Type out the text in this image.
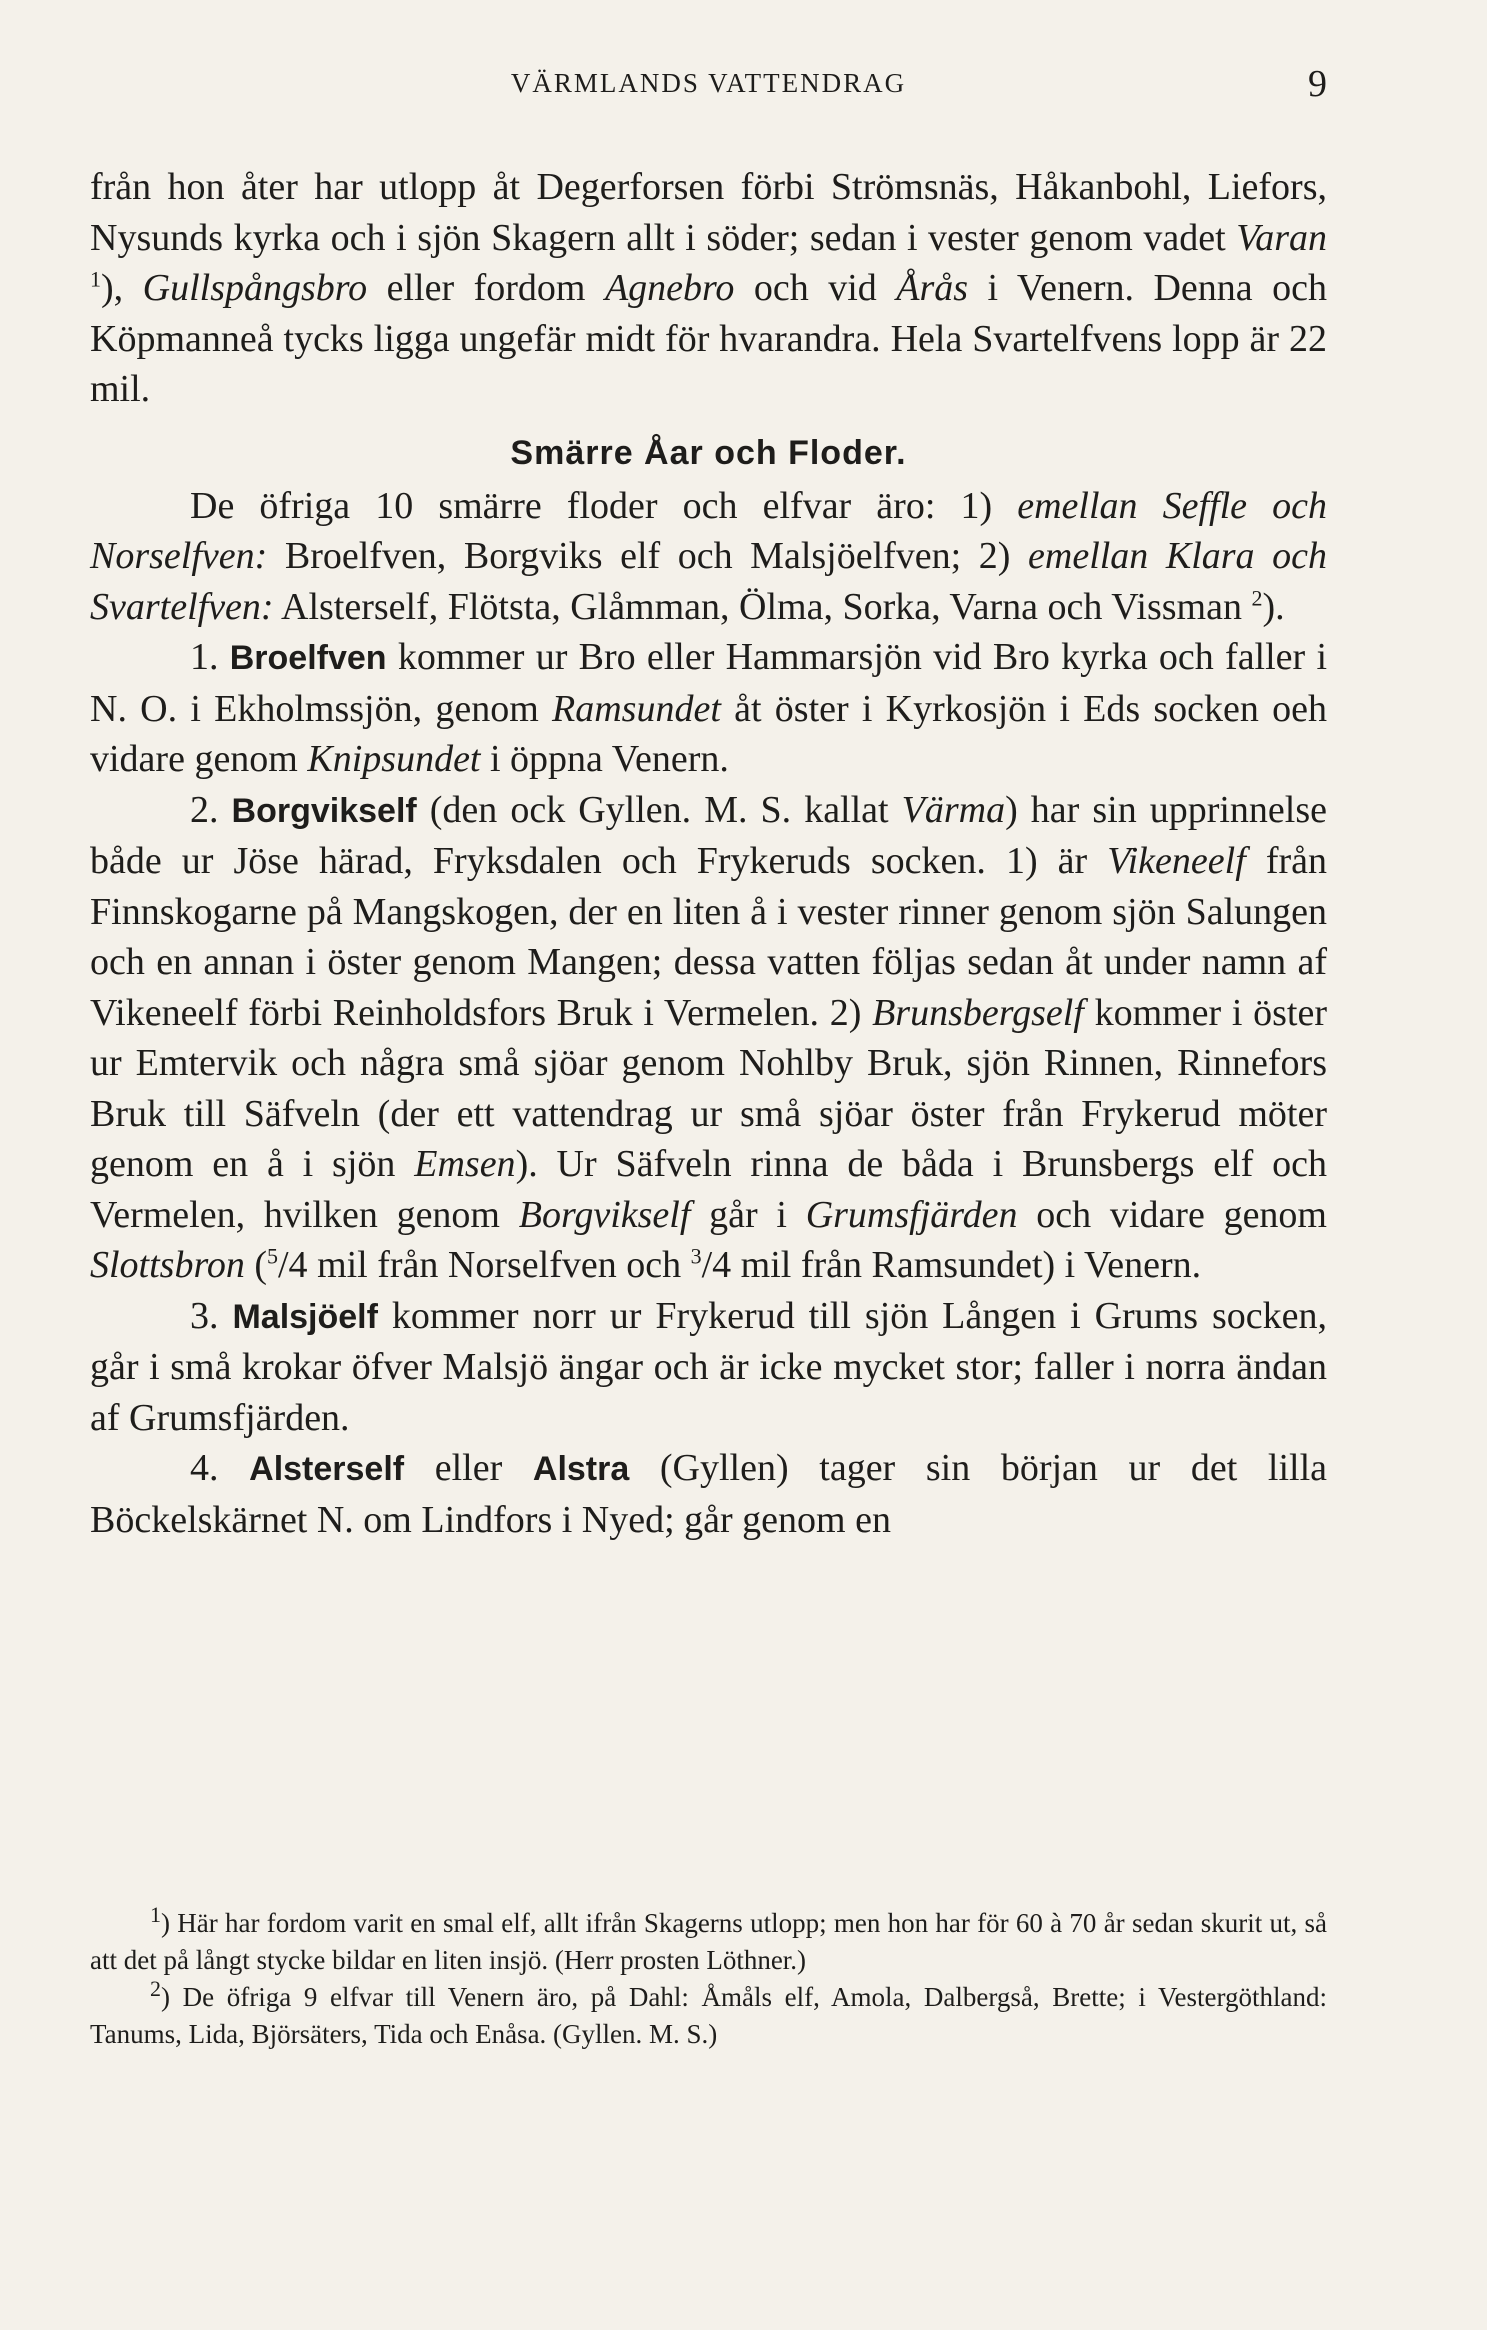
VÄRMLANDS VATTENDRAG	9

från hon åter har utlopp åt Degerforsen förbi Strömsnäs, Håkanbohl, Liefors, Nysunds kyrka och i sjön Skagern allt i söder; sedan i vester genom vadet Varan $^1$), Gullspångsbro eller fordom Agnebro och vid Årås i Venern. Denna och Köpmanneå tycks ligga ungefär midt för hvarandra. Hela Svartelfvens lopp är 22 mil.

Smärre Åar och Floder.

De öfriga 10 smärre floder och elfvar äro: 1) emellan Seffle och Norselfven: Broelfven, Borgviks elf och Malsjöelfven; 2) emellan Klara och Svartelfven: Alsterself, Flötsta, Glåmman, Ölma, Sorka, Varna och Vissman $^2$).

1. Broelfven kommer ur Bro eller Hammarsjön vid Bro kyrka och faller i N. O. i Ekholmssjön, genom Ramsundet åt öster i Kyrkosjön i Eds socken oeh vidare genom Knipsundet i öppna Venern.

2. Borgvikself (den ock Gyllen. M. S. kallat Värma) har sin upprinnelse både ur Jöse härad, Fryksdalen och Frykeruds socken. 1) är Vikeneelf från Finnskogarne på Mangskogen, der en liten å i vester rinner genom sjön Salungen och en annan i öster genom Mangen; dessa vatten följas sedan åt under namn af Vikeneelf förbi Reinholdsfors Bruk i Vermelen. 2) Brunsbergself kommer i öster ur Emtervik och några små sjöar genom Nohlby Bruk, sjön Rinnen, Rinnefors Bruk till Säfveln (der ett vattendrag ur små sjöar öster från Frykerud möter genom en å i sjön Emsen). Ur Säfveln rinna de båda i Brunsbergs elf och Vermelen, hvilken genom Borgvikself går i Grumsfjärden och vidare genom Slottsbron ($^5$/4 mil från Norselfven och $^3$/4 mil från Ramsundet) i Venern.

3. Malsjöelf kommer norr ur Frykerud till sjön Lången i Grums socken, går i små krokar öfver Malsjö ängar och är icke mycket stor; faller i norra ändan af Grumsfjärden.

4. Alsterself eller Alstra (Gyllen) tager sin början ur det lilla Böckelskärnet N. om Lindfors i Nyed; går genom en

$^1$) Här har fordom varit en smal elf, allt ifrån Skagerns utlopp; men hon har för 60 à 70 år sedan skurit ut, så att det på långt stycke bildar en liten insjö. (Herr prosten Löthner.)

$^2$) De öfriga 9 elfvar till Venern äro, på Dahl: Åmåls elf, Amola, Dalbergså, Brette; i Vestergöthland: Tanums, Lida, Björsäters, Tida och Enåsa. (Gyllen. M. S.)
